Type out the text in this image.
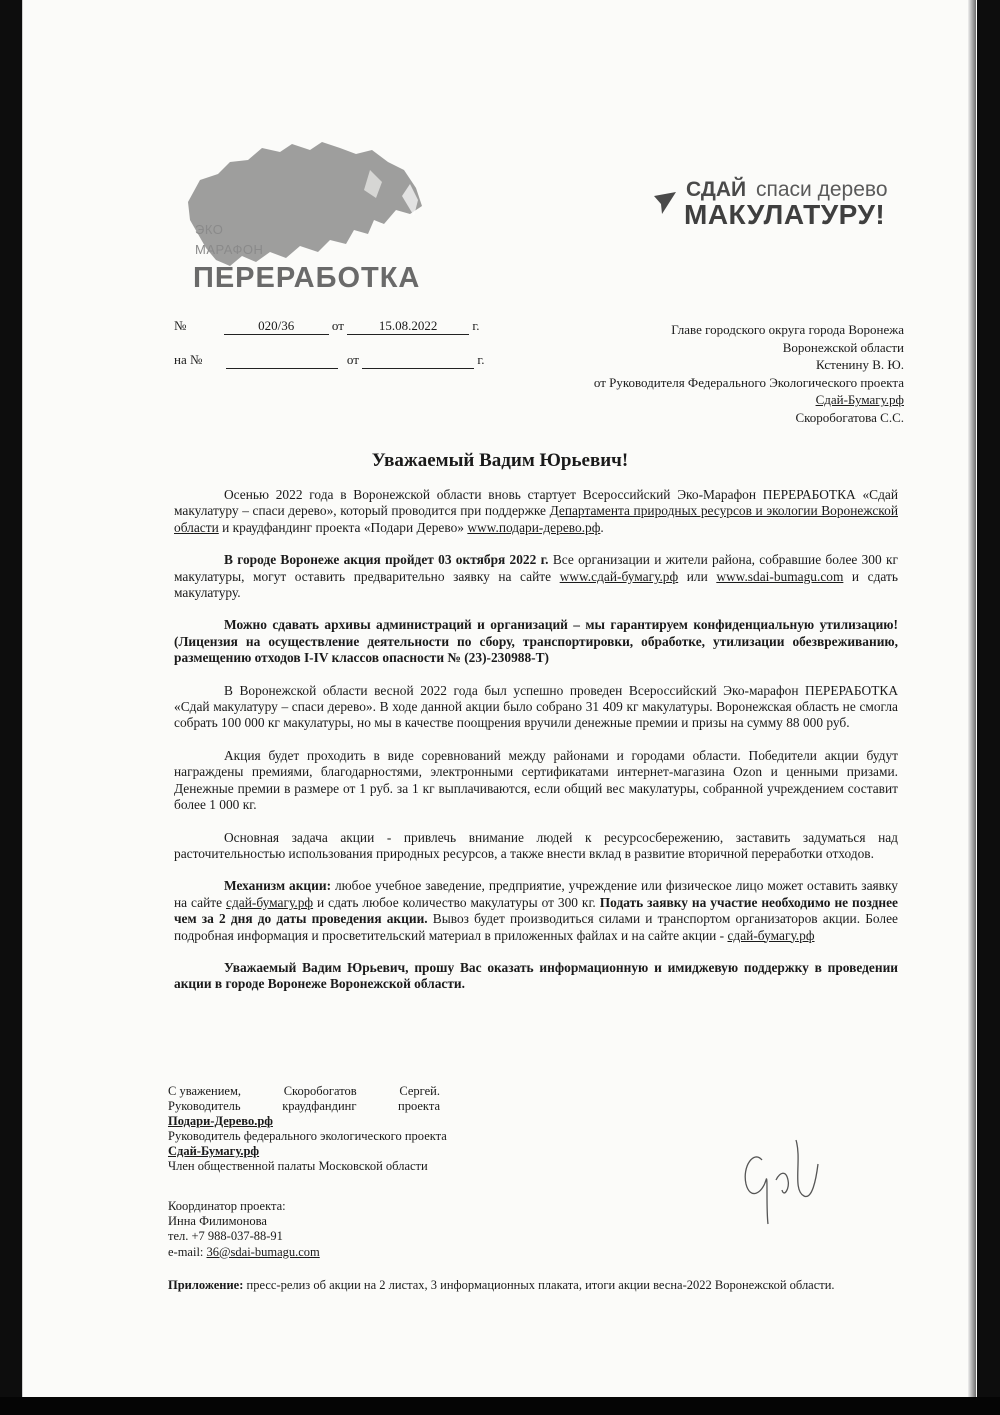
ЭКО
МАРАФОН
ПЕРЕРАБОТКА
СДАЙ спаси дерево
МАКУЛАТУРУ!
№	020/36	от	15.08.2022	г.
на №	от	г.
Главе городского округа города Воронежа
Воронежской области
Кстенину В. Ю.
от Руководителя Федерального Экологического проекта
Сдай-Бумагу.рф
Скоробогатова С.С.
Уважаемый Вадим Юрьевич!

Осенью 2022 года в Воронежской области вновь стартует Всероссийский Эко-Марафон ПЕРЕРАБОТКА «Сдай макулатуру – спаси дерево», который проводится при поддержке Департамента природных ресурсов и экологии Воронежской области и краудфандинг проекта «Подари Дерево» www.подари-дерево.рф.

В городе Воронеже акция пройдет 03 октября 2022 г. Все организации и жители района, собравшие более 300 кг макулатуры, могут оставить предварительно заявку на сайте www.сдай-бумагу.рф или www.sdai-bumagu.com и сдать макулатуру.

Можно сдавать архивы администраций и организаций – мы гарантируем конфиденциальную утилизацию! (Лицензия на осуществление деятельности по сбору, транспортировки, обработке, утилизации обезвреживанию, размещению отходов I-IV классов опасности № (23)-230988-Т)

В Воронежской области весной 2022 года был успешно проведен Всероссийский Эко-марафон ПЕРЕРАБОТКА «Сдай макулатуру – спаси дерево». В ходе данной акции было собрано 31 409 кг макулатуры. Воронежская область не смогла собрать 100 000 кг макулатуры, но мы в качестве поощрения вручили денежные премии и призы на сумму 88 000 руб.

Акция будет проходить в виде соревнований между районами и городами области. Победители акции будут награждены премиями, благодарностями, электронными сертификатами интернет-магазина Ozon и ценными призами. Денежные премии в размере от 1 руб. за 1 кг выплачиваются, если общий вес макулатуры, собранной учреждением составит более 1 000 кг.

Основная задача акции - привлечь внимание людей к ресурсосбережению, заставить задуматься над расточительностью использования природных ресурсов, а также внести вклад в развитие вторичной переработки отходов.

Механизм акции: любое учебное заведение, предприятие, учреждение или физическое лицо может оставить заявку на сайте сдай-бумагу.рф и сдать любое количество макулатуры от 300 кг. Подать заявку на участие необходимо не позднее чем за 2 дня до даты проведения акции. Вывоз будет производиться силами и транспортом организаторов акции. Более подробная информация и просветительский материал в приложенных файлах и на сайте акции - сдай-бумагу.рф

Уважаемый Вадим Юрьевич, прошу Вас оказать информационную и имиджевую поддержку в проведении акции в городе Воронеже Воронежской области.

С уважением,	Скоробогатов	Сергей.
Руководитель	краудфандинг	проекта
Подари-Дерево.рф
Руководитель федерального экологического проекта
Сдай-Бумагу.рф
Член общественной палаты Московской области
Координатор проекта:
Инна Филимонова
тел. +7 988-037-88-91
e-mail: 36@sdai-bumagu.com
Приложение: пресс-релиз об акции на 2 листах, 3 информационных плаката, итоги акции весна-2022 Воронежской области.
